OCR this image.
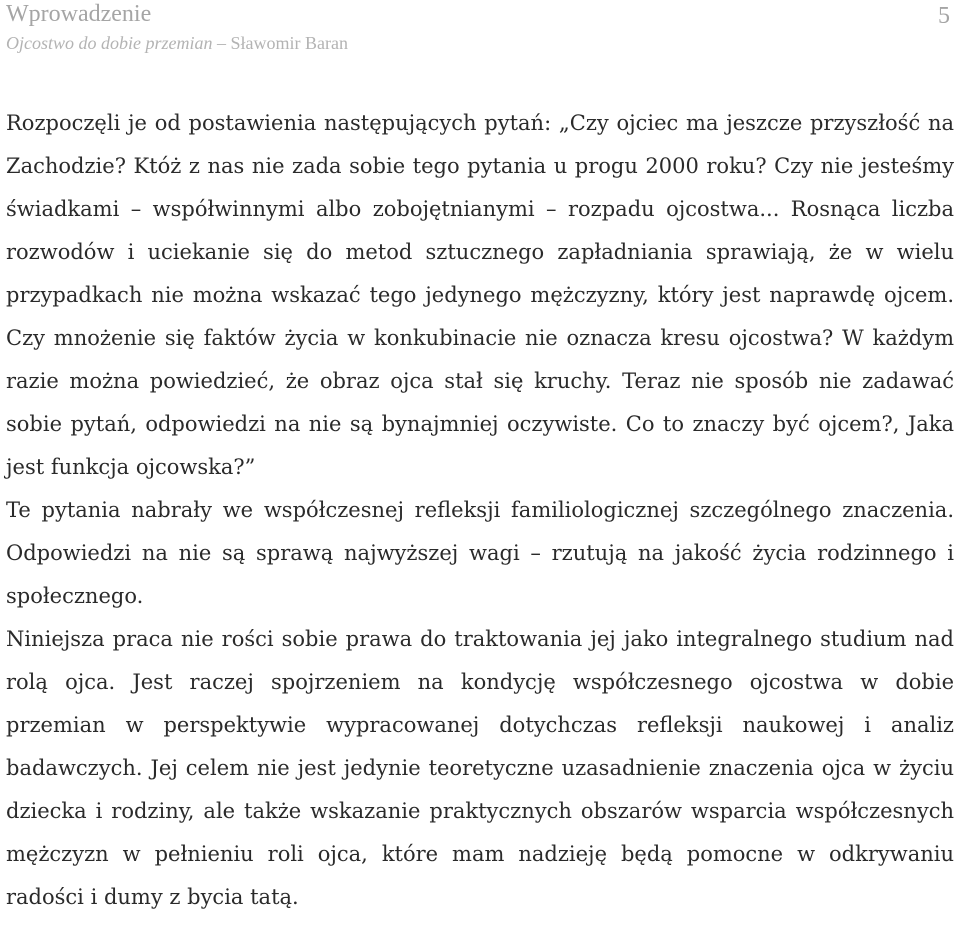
Wprowadzenie
Ojcostwo do dobie przemian – Sławomir Baran
5

Rozpoczęli je od postawienia następujących pytań: „Czy ojciec ma jeszcze przyszłość na Zachodzie? Któż z nas nie zada sobie tego pytania u progu 2000 roku? Czy nie jesteśmy świadkami – współwinnymi albo zobojętnianymi – rozpadu ojcostwa... Rosnąca liczba rozwodów i uciekanie się do metod sztucznego zapładniania sprawiają, że w wielu przypadkach nie można wskazać tego jedynego mężczyzny, który jest naprawdę ojcem. Czy mnożenie się faktów życia w konkubinacie nie oznacza kresu ojcostwa? W każdym razie można powiedzieć, że obraz ojca stał się kruchy. Teraz nie sposób nie zadawać sobie pytań, odpowiedzi na nie są bynajmniej oczywiste. Co to znaczy być ojcem?, Jaka jest funkcja ojcowska?”

Te pytania nabrały we współczesnej refleksji familiologicznej szczególnego znaczenia. Odpowiedzi na nie są sprawą najwyższej wagi – rzutują na jakość życia rodzinnego i społecznego.

Niniejsza praca nie rości sobie prawa do traktowania jej jako integralnego studium nad rolą ojca. Jest raczej spojrzeniem na kondycję współczesnego ojcostwa w dobie przemian w perspektywie wypracowanej dotychczas refleksji naukowej i analiz badawczych. Jej celem nie jest jedynie teoretyczne uzasadnienie znaczenia ojca w życiu dziecka i rodziny, ale także wskazanie praktycznych obszarów wsparcia współczesnych mężczyzn w pełnieniu roli ojca, które mam nadzieję będą pomocne w odkrywaniu radości i dumy z bycia tatą.
